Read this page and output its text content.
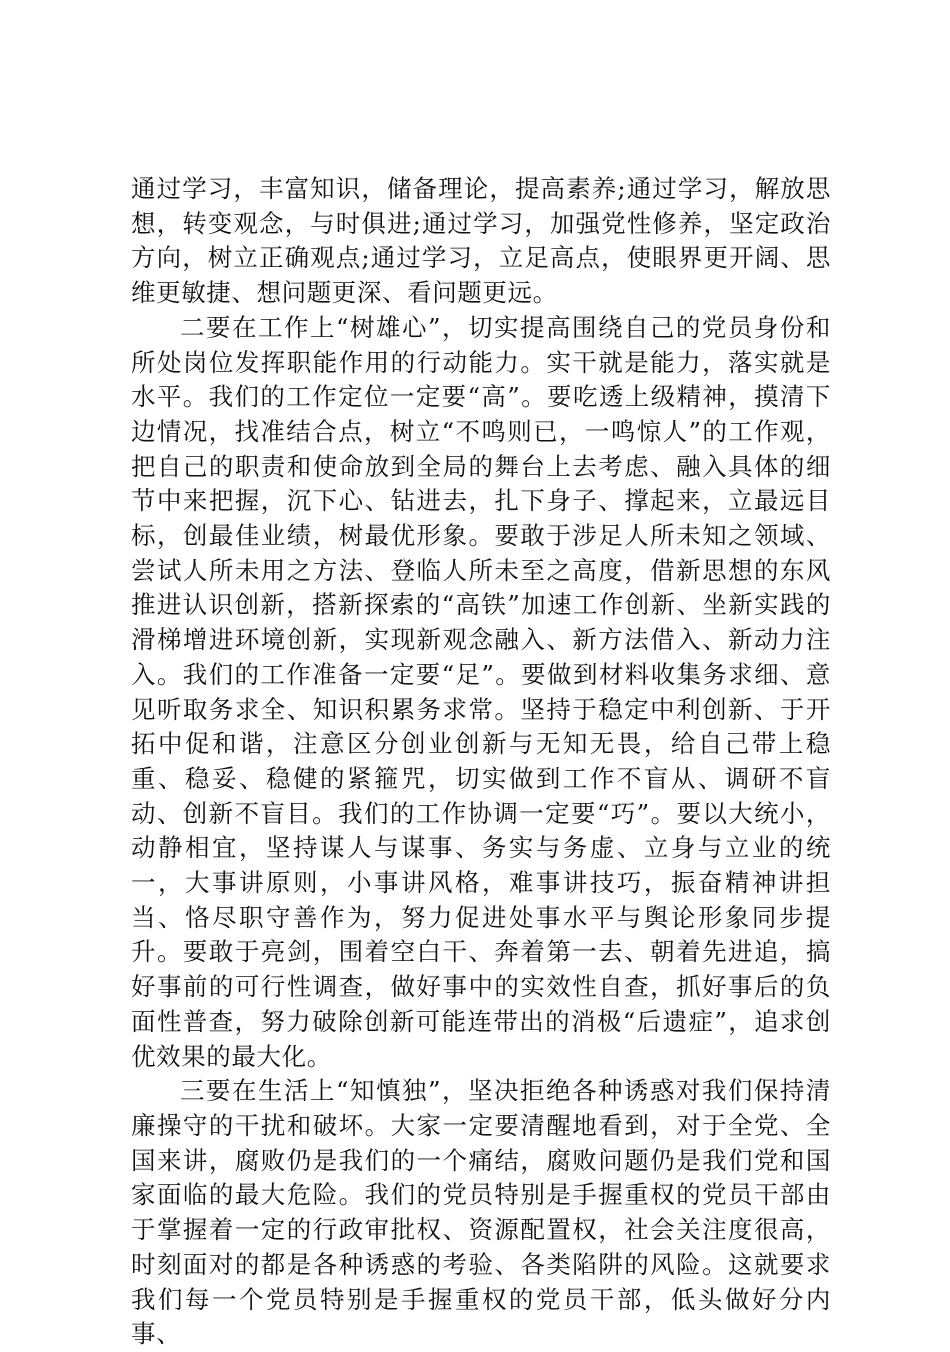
通过学习，丰富知识，储备理论，提高素养;通过学习，解放思想，转变观念，与时俱进;通过学习，加强党性修养，坚定政治方向，树立正确观点;通过学习，立足高点，使眼界更开阔、思维更敏捷、想问题更深、看问题更远。

二要在工作上“树雄心”，切实提高围绕自己的党员身份和所处岗位发挥职能作用的行动能力。实干就是能力，落实就是水平。我们的工作定位一定要“高”。要吃透上级精神，摸清下边情况，找准结合点，树立“不鸣则已，一鸣惊人”的工作观，把自己的职责和使命放到全局的舞台上去考虑、融入具体的细节中来把握，沉下心、钻进去，扎下身子、撑起来，立最远目标，创最佳业绩，树最优形象。要敢于涉足人所未知之领域、尝试人所未用之方法、登临人所未至之高度，借新思想的东风推进认识创新，搭新探索的“高铁”加速工作创新、坐新实践的滑梯增进环境创新，实现新观念融入、新方法借入、新动力注入。我们的工作准备一定要“足”。要做到材料收集务求细、意见听取务求全、知识积累务求常。坚持于稳定中利创新、于开拓中促和谐，注意区分创业创新与无知无畏，给自己带上稳重、稳妥、稳健的紧箍咒，切实做到工作不盲从、调研不盲动、创新不盲目。我们的工作协调一定要“巧”。要以大统小，动静相宜，坚持谋人与谋事、务实与务虚、立身与立业的统一，大事讲原则，小事讲风格，难事讲技巧，振奋精神讲担当、恪尽职守善作为，努力促进处事水平与舆论形象同步提升。要敢于亮剑，围着空白干、奔着第一去、朝着先进追，搞好事前的可行性调查，做好事中的实效性自查，抓好事后的负面性普查，努力破除创新可能连带出的消极“后遗症”，追求创优效果的最大化。

三要在生活上“知慎独”，坚决拒绝各种诱惑对我们保持清廉操守的干扰和破坏。大家一定要清醒地看到，对于全党、全国来讲，腐败仍是我们的一个痛结，腐败问题仍是我们党和国家面临的最大危险。我们的党员特别是手握重权的党员干部由于掌握着一定的行政审批权、资源配置权，社会关注度很高，时刻面对的都是各种诱惑的考验、各类陷阱的风险。这就要求我们每一个党员特别是手握重权的党员干部，低头做好分内事、
